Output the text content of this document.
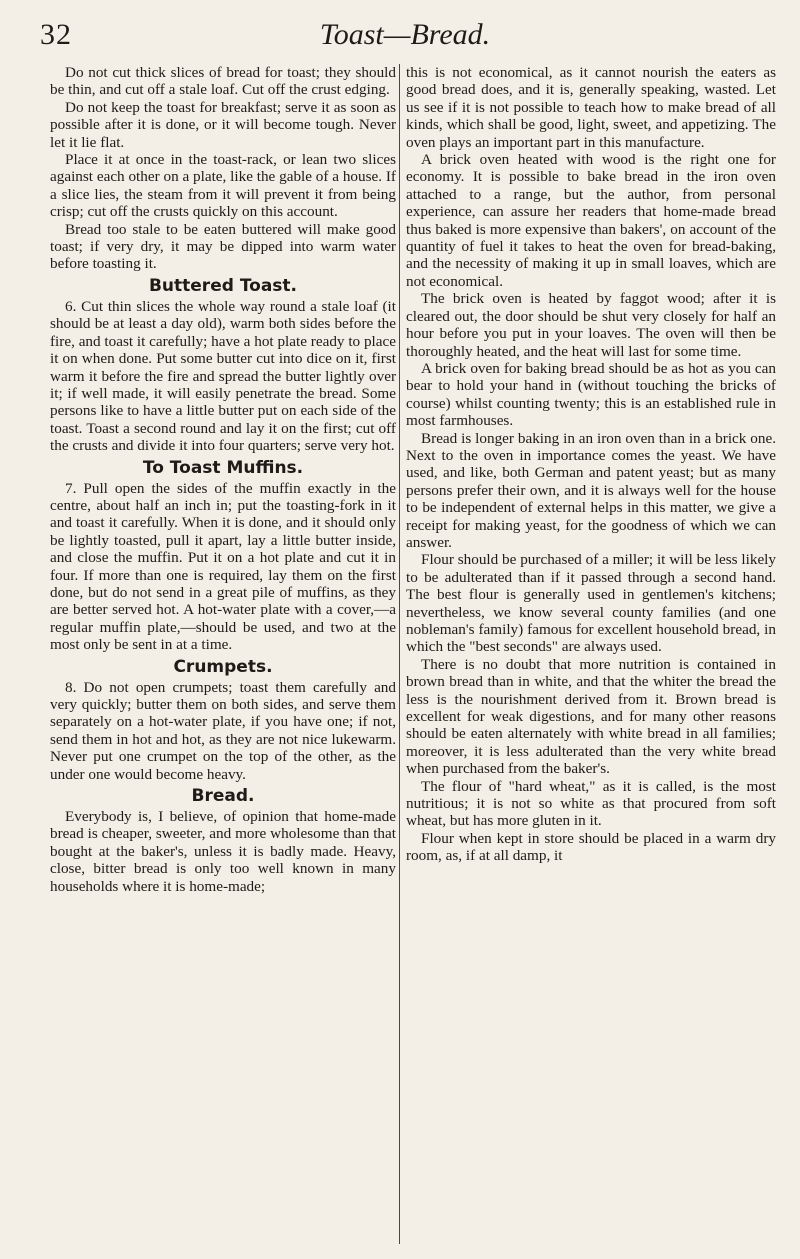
32	Toast—Bread.

Do not cut thick slices of bread for toast; they should be thin, and cut off a stale loaf. Cut off the crust edging.

Do not keep the toast for breakfast; serve it as soon as possible after it is done, or it will become tough. Never let it lie flat.

Place it at once in the toast-rack, or lean two slices against each other on a plate, like the gable of a house. If a slice lies, the steam from it will prevent it from being crisp; cut off the crusts quickly on this account.

Bread too stale to be eaten buttered will make good toast; if very dry, it may be dipped into warm water before toasting it.

Buttered Toast.

6. Cut thin slices the whole way round a stale loaf (it should be at least a day old), warm both sides before the fire, and toast it carefully; have a hot plate ready to place it on when done. Put some butter cut into dice on it, first warm it before the fire and spread the butter lightly over it; if well made, it will easily penetrate the bread. Some persons like to have a little butter put on each side of the toast. Toast a second round and lay it on the first; cut off the crusts and divide it into four quarters; serve very hot.

To Toast Muffins.

7. Pull open the sides of the muffin exactly in the centre, about half an inch in; put the toasting-fork in it and toast it carefully. When it is done, and it should only be lightly toasted, pull it apart, lay a little butter inside, and close the muffin. Put it on a hot plate and cut it in four. If more than one is required, lay them on the first done, but do not send in a great pile of muffins, as they are better served hot. A hot-water plate with a cover,—a regular muffin plate,—should be used, and two at the most only be sent in at a time.

Crumpets.

8. Do not open crumpets; toast them carefully and very quickly; butter them on both sides, and serve them separately on a hot-water plate, if you have one; if not, send them in hot and hot, as they are not nice lukewarm. Never put one crumpet on the top of the other, as the under one would become heavy.

Bread.

Everybody is, I believe, of opinion that home-made bread is cheaper, sweeter, and more wholesome than that bought at the baker's, unless it is badly made. Heavy, close, bitter bread is only too well known in many households where it is home-made;

this is not economical, as it cannot nourish the eaters as good bread does, and it is, generally speaking, wasted. Let us see if it is not possible to teach how to make bread of all kinds, which shall be good, light, sweet, and appetizing. The oven plays an important part in this manufacture.

A brick oven heated with wood is the right one for economy. It is possible to bake bread in the iron oven attached to a range, but the author, from personal experience, can assure her readers that home-made bread thus baked is more expensive than bakers', on account of the quantity of fuel it takes to heat the oven for bread-baking, and the necessity of making it up in small loaves, which are not economical.

The brick oven is heated by faggot wood; after it is cleared out, the door should be shut very closely for half an hour before you put in your loaves. The oven will then be thoroughly heated, and the heat will last for some time.

A brick oven for baking bread should be as hot as you can bear to hold your hand in (without touching the bricks of course) whilst counting twenty; this is an established rule in most farmhouses.

Bread is longer baking in an iron oven than in a brick one. Next to the oven in importance comes the yeast. We have used, and like, both German and patent yeast; but as many persons prefer their own, and it is always well for the house to be independent of external helps in this matter, we give a receipt for making yeast, for the goodness of which we can answer.

Flour should be purchased of a miller; it will be less likely to be adulterated than if it passed through a second hand. The best flour is generally used in gentlemen's kitchens; nevertheless, we know several county families (and one nobleman's family) famous for excellent household bread, in which the "best seconds" are always used.

There is no doubt that more nutrition is contained in brown bread than in white, and that the whiter the bread the less is the nourishment derived from it. Brown bread is excellent for weak digestions, and for many other reasons should be eaten alternately with white bread in all families; moreover, it is less adulterated than the very white bread when purchased from the baker's.

The flour of "hard wheat," as it is called, is the most nutritious; it is not so white as that procured from soft wheat, but has more gluten in it.

Flour when kept in store should be placed in a warm dry room, as, if at all damp, it
